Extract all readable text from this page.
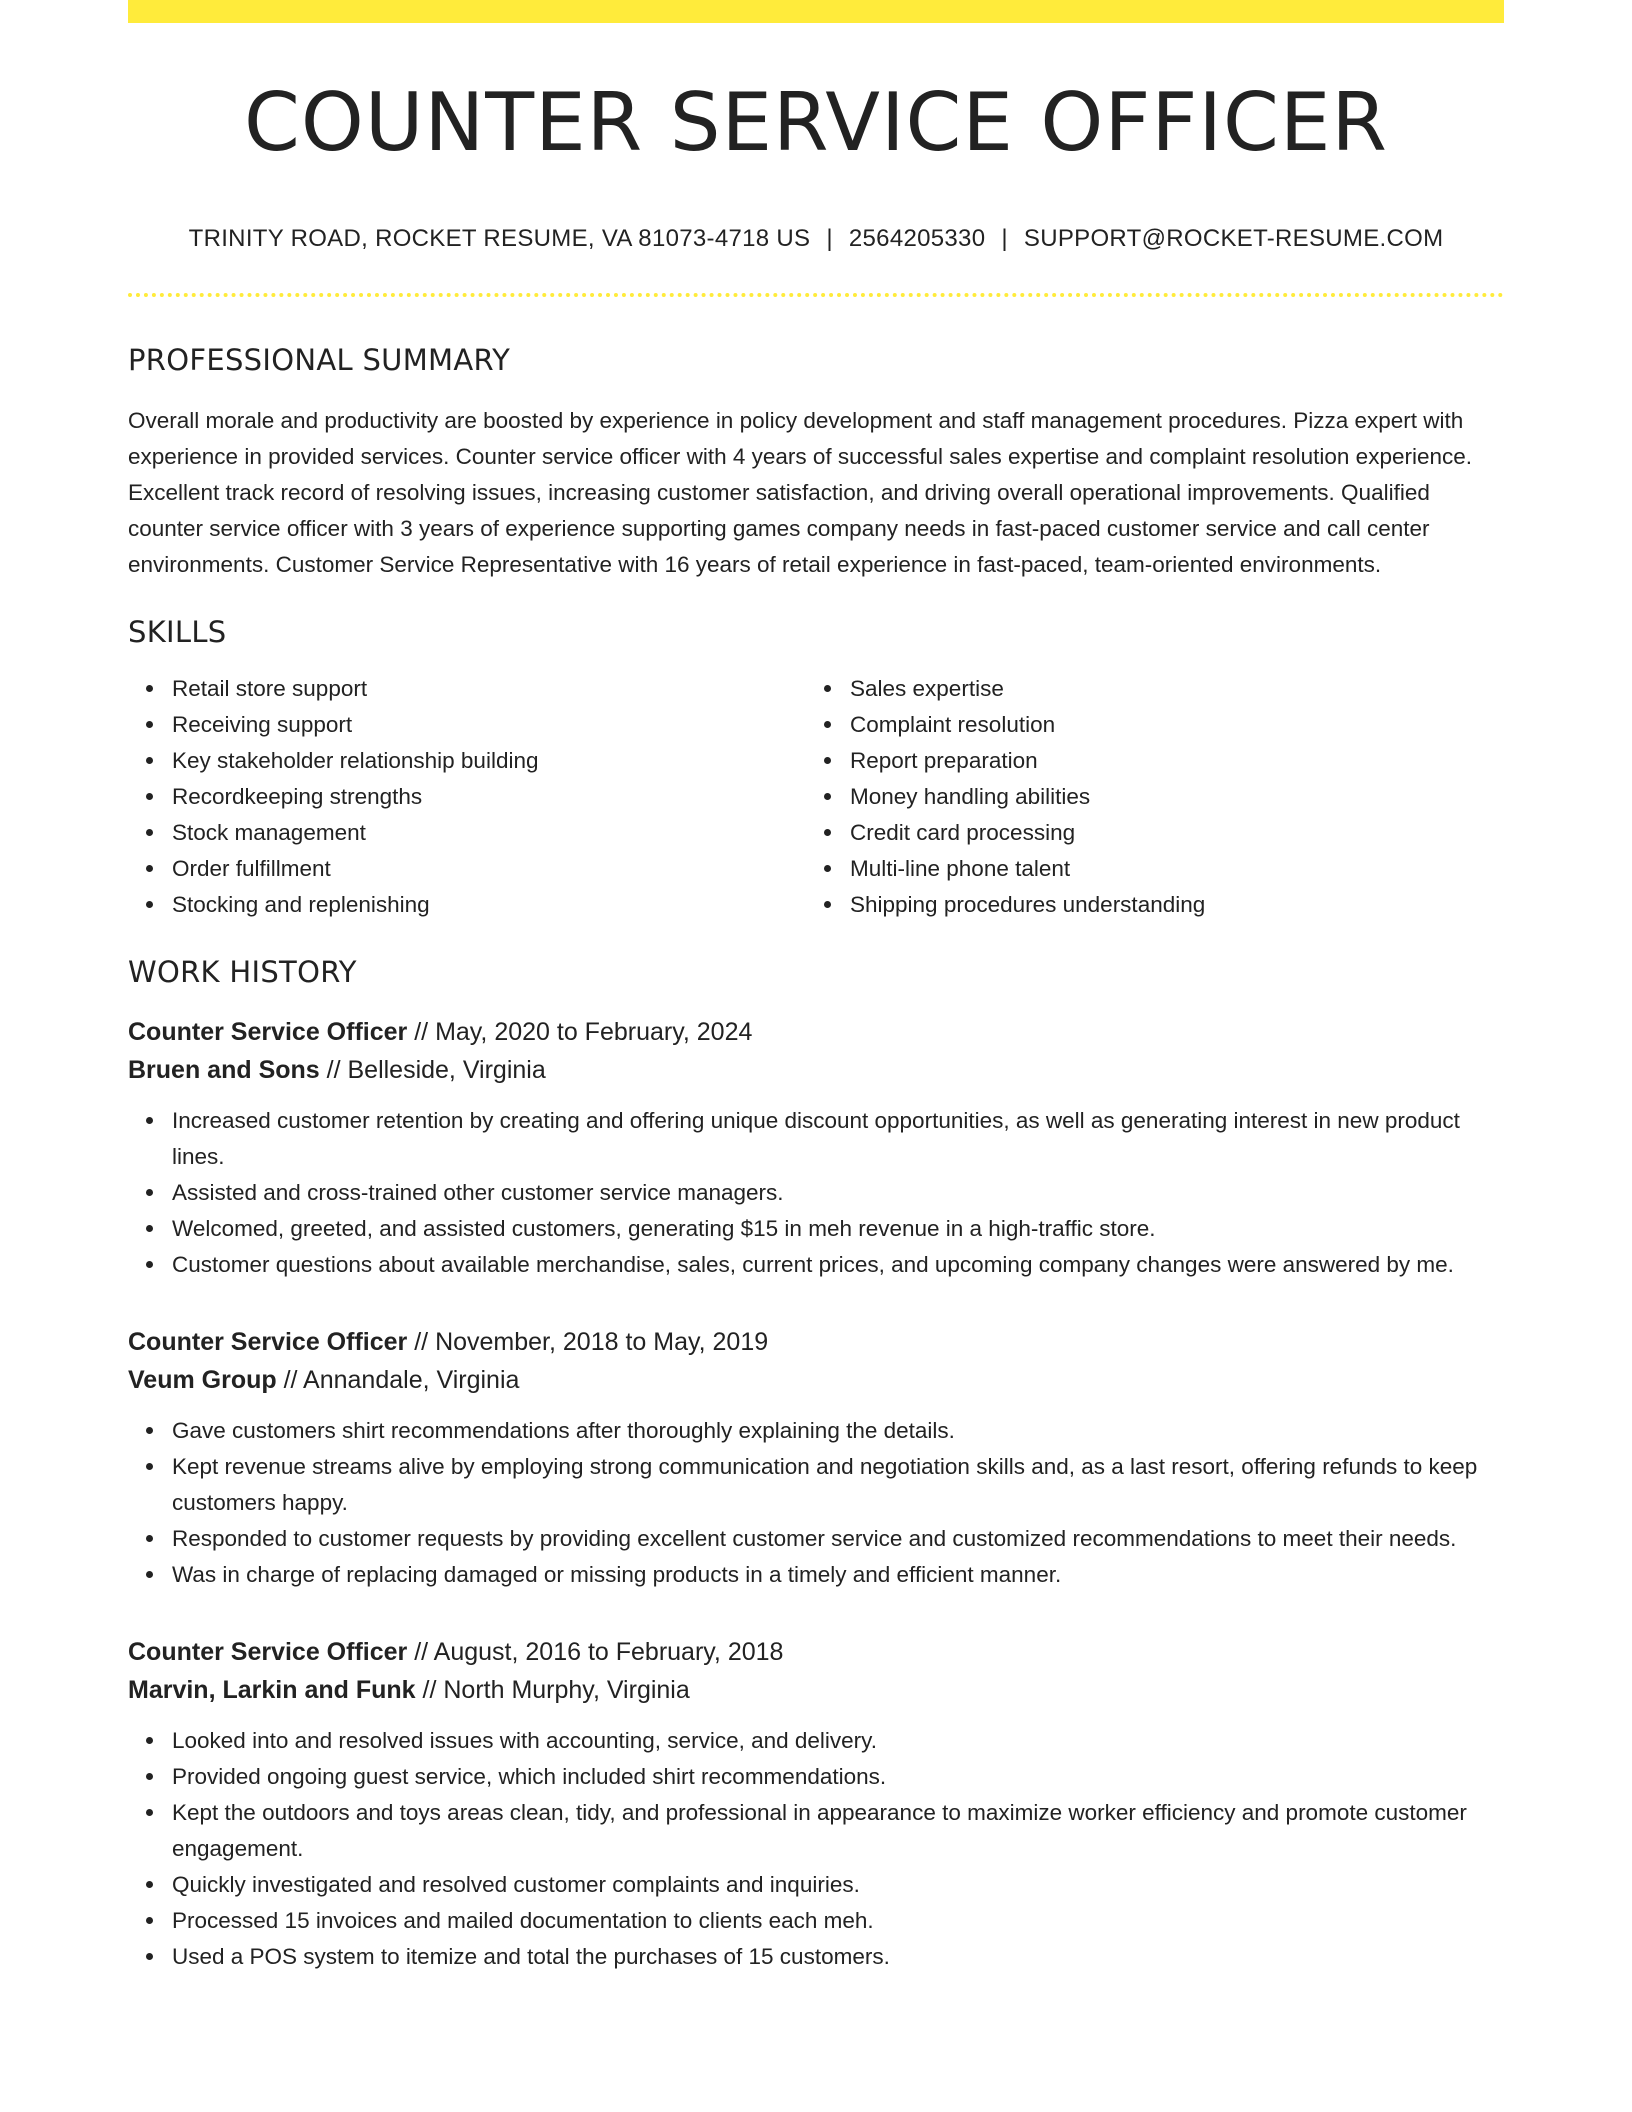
COUNTER SERVICE OFFICER
TRINITY ROAD, ROCKET RESUME, VA 81073-4718 US | 2564205330 | SUPPORT@ROCKET-RESUME.COM
PROFESSIONAL SUMMARY
Overall morale and productivity are boosted by experience in policy development and staff management procedures. Pizza expert with experience in provided services. Counter service officer with 4 years of successful sales expertise and complaint resolution experience. Excellent track record of resolving issues, increasing customer satisfaction, and driving overall operational improvements. Qualified counter service officer with 3 years of experience supporting games company needs in fast-paced customer service and call center environments. Customer Service Representative with 16 years of retail experience in fast-paced, team-oriented environments.
SKILLS
Retail store support
Receiving support
Key stakeholder relationship building
Recordkeeping strengths
Stock management
Order fulfillment
Stocking and replenishing
Sales expertise
Complaint resolution
Report preparation
Money handling abilities
Credit card processing
Multi-line phone talent
Shipping procedures understanding
WORK HISTORY
Counter Service Officer // May, 2020 to February, 2024
Bruen and Sons // Belleside, Virginia
Increased customer retention by creating and offering unique discount opportunities, as well as generating interest in new product lines.
Assisted and cross-trained other customer service managers.
Welcomed, greeted, and assisted customers, generating $15 in meh revenue in a high-traffic store.
Customer questions about available merchandise, sales, current prices, and upcoming company changes were answered by me.
Counter Service Officer // November, 2018 to May, 2019
Veum Group // Annandale, Virginia
Gave customers shirt recommendations after thoroughly explaining the details.
Kept revenue streams alive by employing strong communication and negotiation skills and, as a last resort, offering refunds to keep customers happy.
Responded to customer requests by providing excellent customer service and customized recommendations to meet their needs.
Was in charge of replacing damaged or missing products in a timely and efficient manner.
Counter Service Officer // August, 2016 to February, 2018
Marvin, Larkin and Funk // North Murphy, Virginia
Looked into and resolved issues with accounting, service, and delivery.
Provided ongoing guest service, which included shirt recommendations.
Kept the outdoors and toys areas clean, tidy, and professional in appearance to maximize worker efficiency and promote customer engagement.
Quickly investigated and resolved customer complaints and inquiries.
Processed 15 invoices and mailed documentation to clients each meh.
Used a POS system to itemize and total the purchases of 15 customers.
